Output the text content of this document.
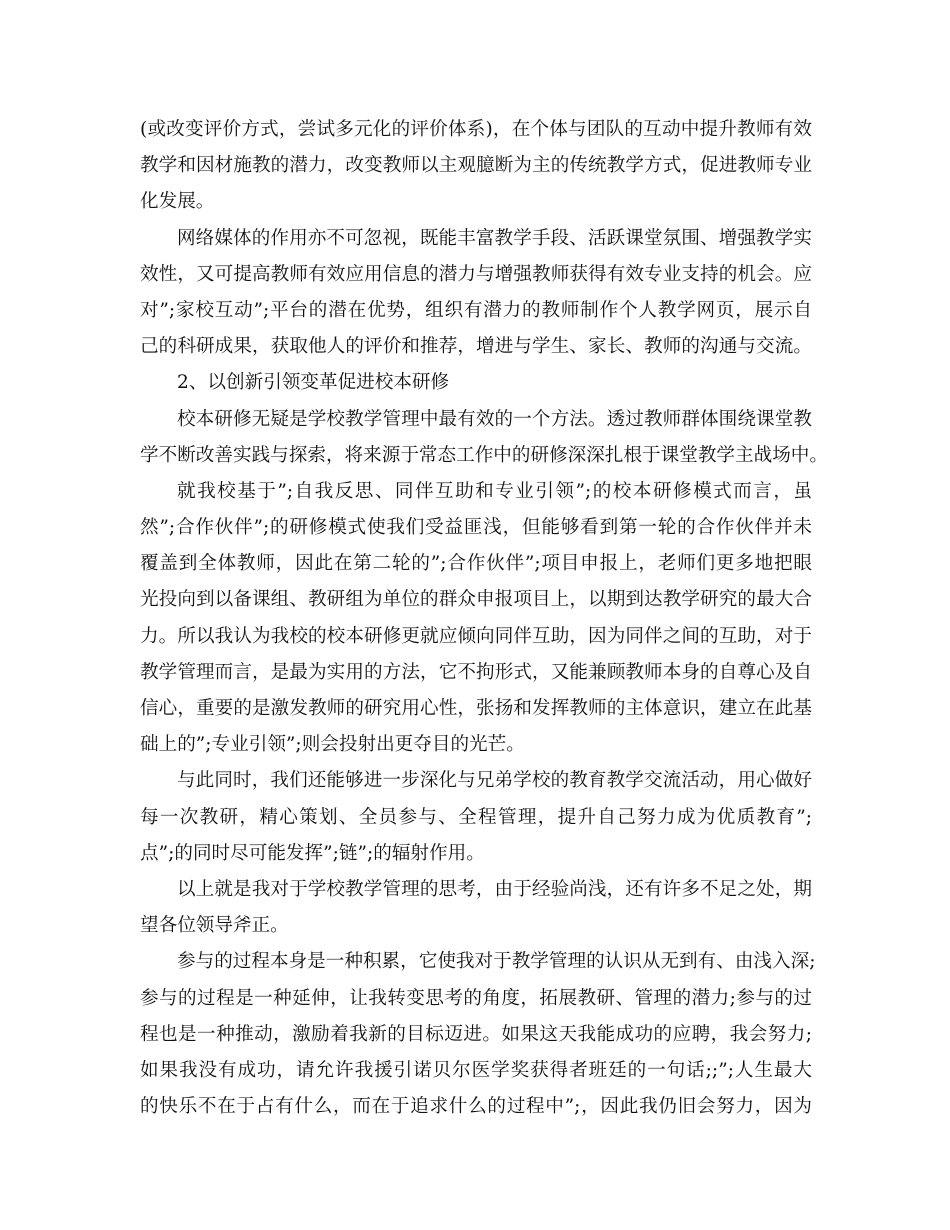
(或改变评价方式，尝试多元化的评价体系)，在个体与团队的互动中提升教师有效
教学和因材施教的潜力，改变教师以主观臆断为主的传统教学方式，促进教师专业
化发展。
网络媒体的作用亦不可忽视，既能丰富教学手段、活跃课堂氛围、增强教学实
效性，又可提高教师有效应用信息的潜力与增强教师获得有效专业支持的机会。应
对”;家校互动”;平台的潜在优势，组织有潜力的教师制作个人教学网页，展示自
己的科研成果，获取他人的评价和推荐，增进与学生、家长、教师的沟通与交流。
2、以创新引领变革促进校本研修
校本研修无疑是学校教学管理中最有效的一个方法。透过教师群体围绕课堂教
学不断改善实践与探索，将来源于常态工作中的研修深深扎根于课堂教学主战场中。
就我校基于”;自我反思、同伴互助和专业引领”;的校本研修模式而言，虽
然”;合作伙伴”;的研修模式使我们受益匪浅，但能够看到第一轮的合作伙伴并未
覆盖到全体教师，因此在第二轮的”;合作伙伴”;项目申报上，老师们更多地把眼
光投向到以备课组、教研组为单位的群众申报项目上，以期到达教学研究的最大合
力。所以我认为我校的校本研修更就应倾向同伴互助，因为同伴之间的互助，对于
教学管理而言，是最为实用的方法，它不拘形式，又能兼顾教师本身的自尊心及自
信心，重要的是激发教师的研究用心性，张扬和发挥教师的主体意识，建立在此基
础上的”;专业引领”;则会投射出更夺目的光芒。
与此同时，我们还能够进一步深化与兄弟学校的教育教学交流活动，用心做好
每一次教研，精心策划、全员参与、全程管理，提升自己努力成为优质教育”;
点”;的同时尽可能发挥”;链”;的辐射作用。
以上就是我对于学校教学管理的思考，由于经验尚浅，还有许多不足之处，期
望各位领导斧正。
参与的过程本身是一种积累，它使我对于教学管理的认识从无到有、由浅入深;
参与的过程是一种延伸，让我转变思考的角度，拓展教研、管理的潜力;参与的过
程也是一种推动，激励着我新的目标迈进。如果这天我能成功的应聘，我会努力;
如果我没有成功，请允许我援引诺贝尔医学奖获得者班廷的一句话;;”;人生最大
的快乐不在于占有什么，而在于追求什么的过程中”;，因此我仍旧会努力，因为
